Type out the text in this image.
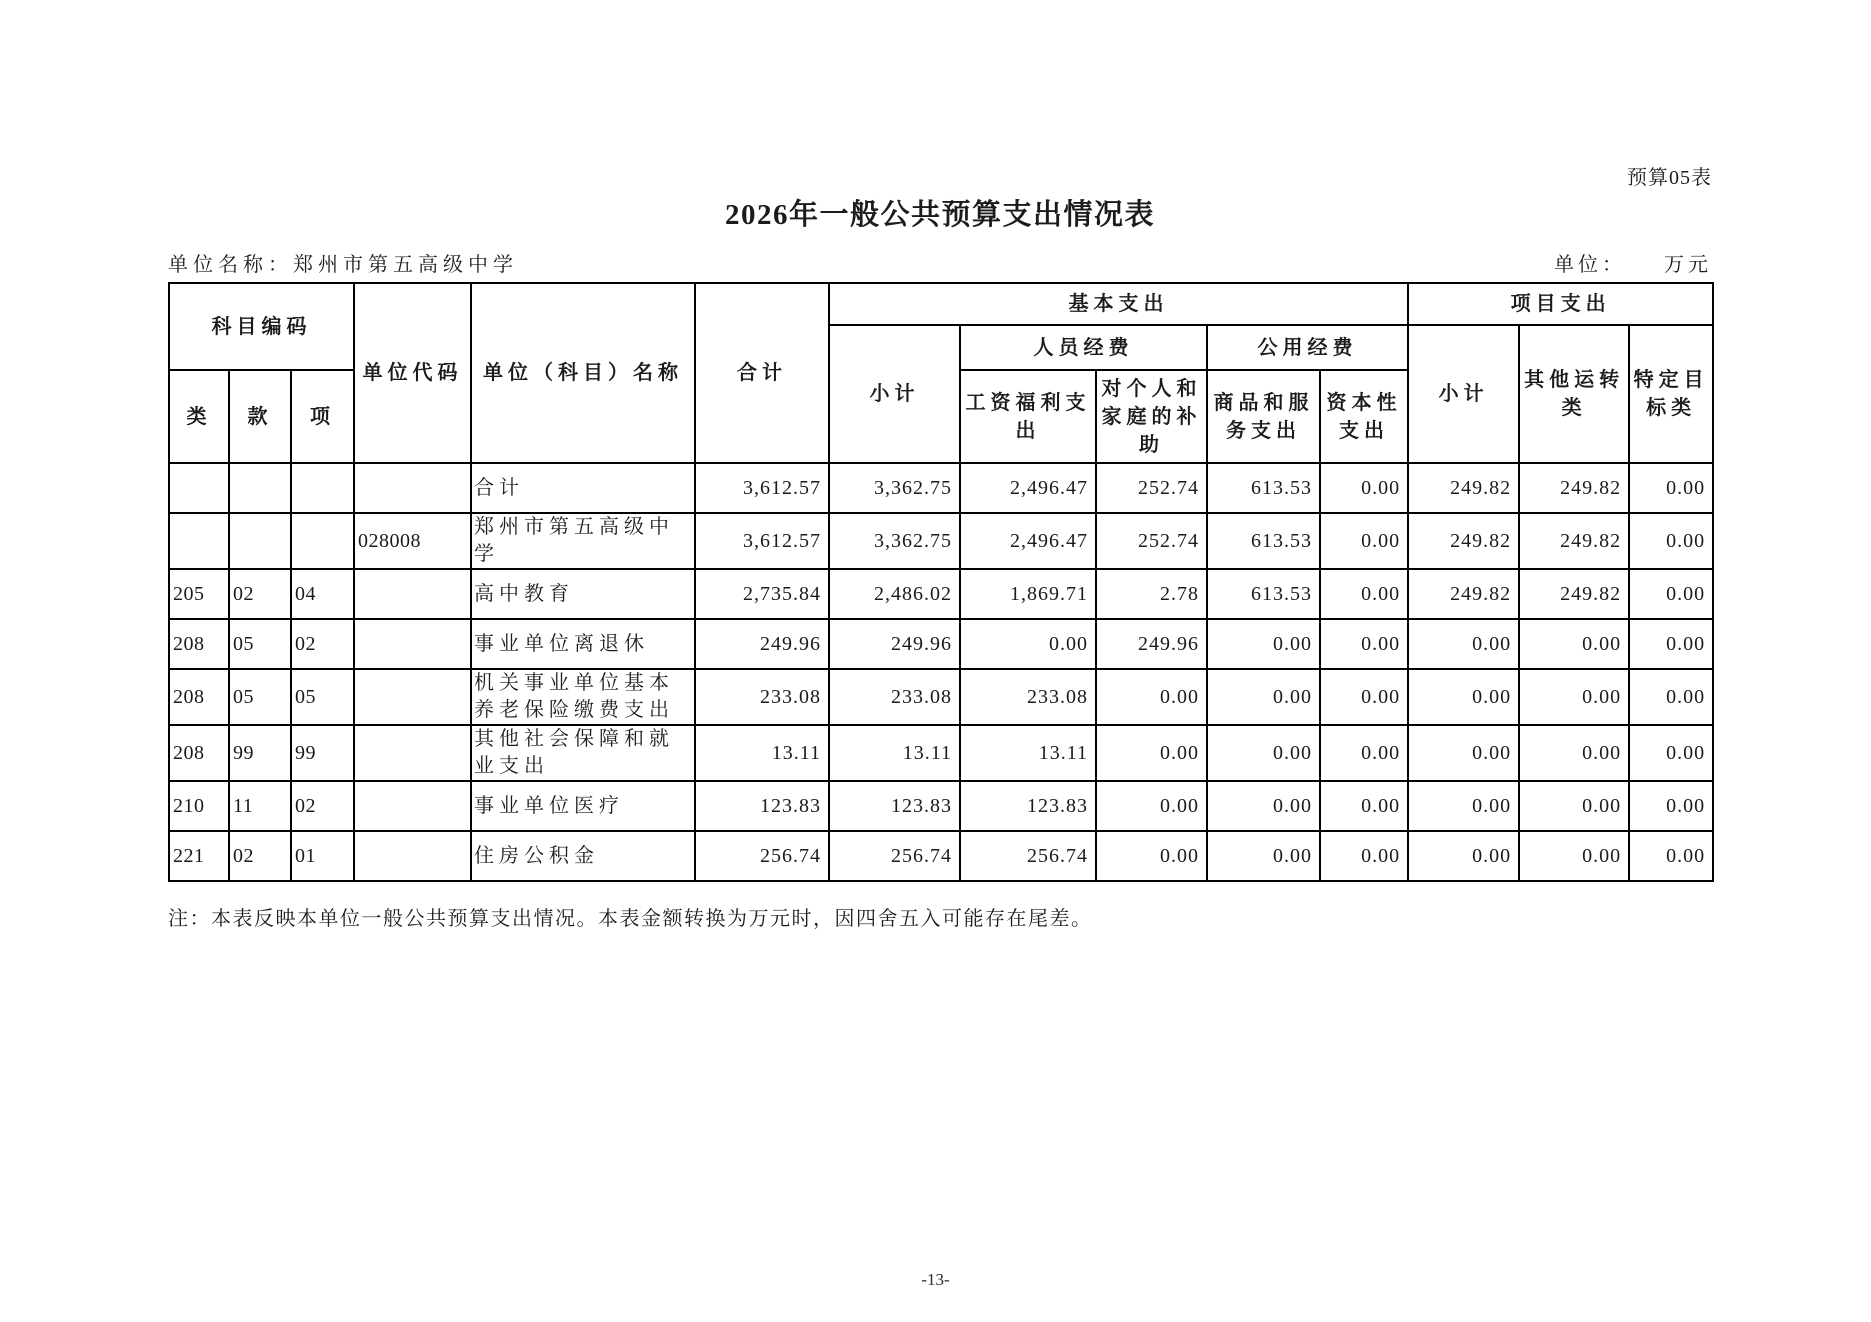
预算05表
2026年一般公共预算支出情况表
单位名称：郑州市第五高级中学	单位： 万元
科目编码			单位代码	单位（科目）名称	合计	基本支出					项目支出		
						小计	人员经费		公用经费		小计	其他运转类	特定目标类
类	款	项					工资福利支出	对个人和家庭的补助	商品和服务支出	资本性支出			
				合计	3,612.57	3,362.75	2,496.47	252.74	613.53	0.00	249.82	249.82	0.00
			028008	郑州市第五高级中学	3,612.57	3,362.75	2,496.47	252.74	613.53	0.00	249.82	249.82	0.00
205	02	04		高中教育	2,735.84	2,486.02	1,869.71	2.78	613.53	0.00	249.82	249.82	0.00
208	05	02		事业单位离退休	249.96	249.96	0.00	249.96	0.00	0.00	0.00	0.00	0.00
208	05	05		机关事业单位基本养老保险缴费支出	233.08	233.08	233.08	0.00	0.00	0.00	0.00	0.00	0.00
208	99	99		其他社会保障和就业支出	13.11	13.11	13.11	0.00	0.00	0.00	0.00	0.00	0.00
210	11	02		事业单位医疗	123.83	123.83	123.83	0.00	0.00	0.00	0.00	0.00	0.00
221	02	01		住房公积金	256.74	256.74	256.74	0.00	0.00	0.00	0.00	0.00	0.00
注：本表反映本单位一般公共预算支出情况。本表金额转换为万元时，因四舍五入可能存在尾差。
-13-
